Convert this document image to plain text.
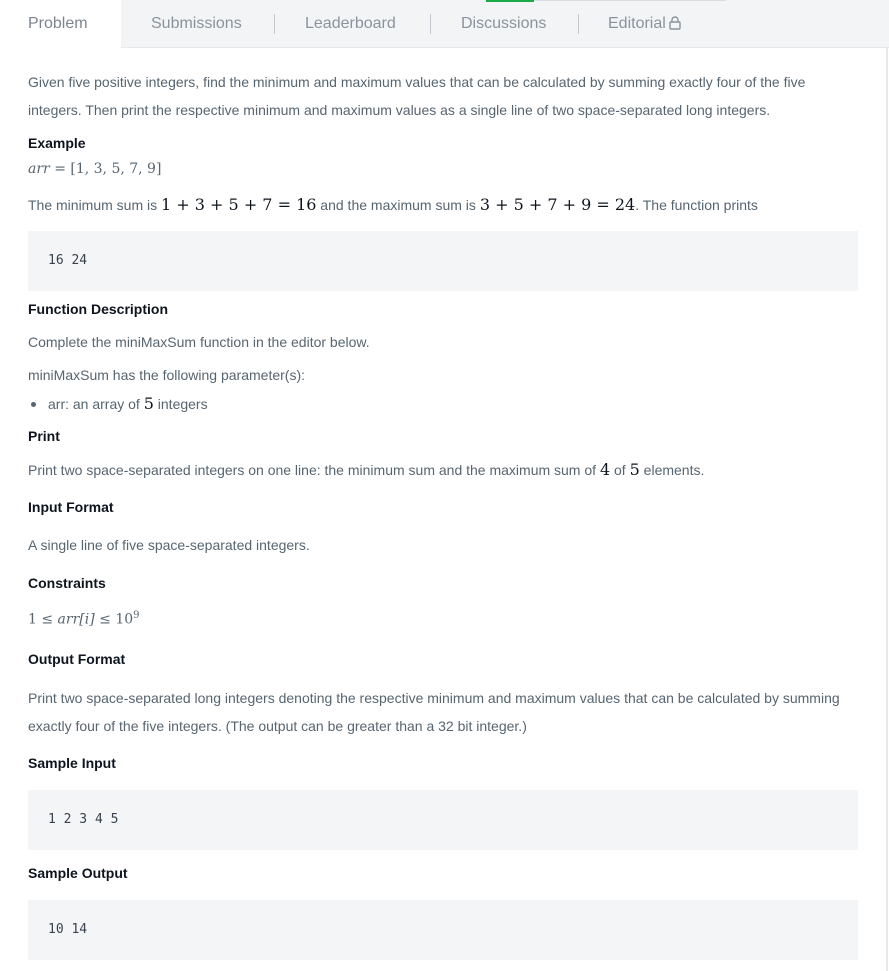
Problem	Submissions	Leaderboard	Discussions	Editorial

Given five positive integers, find the minimum and maximum values that can be calculated by summing exactly four of the five integers. Then print the respective minimum and maximum values as a single line of two space-separated long integers.

Example
arr = [1, 3, 5, 7, 9]
The minimum sum is 1 + 3 + 5 + 7 = 16 and the maximum sum is 3 + 5 + 7 + 9 = 24. The function prints
16 24
Function Description
Complete the miniMaxSum function in the editor below.
miniMaxSum has the following parameter(s):
arr: an array of 5 integers
Print
Print two space-separated integers on one line: the minimum sum and the maximum sum of 4 of 5 elements.
Input Format
A single line of five space-separated integers.
Constraints
$1 \le arr[i] \le 10^9$
Output Format

Print two space-separated long integers denoting the respective minimum and maximum values that can be calculated by summing exactly four of the five integers. (The output can be greater than a 32 bit integer.)

Sample Input
1 2 3 4 5
Sample Output
10 14
